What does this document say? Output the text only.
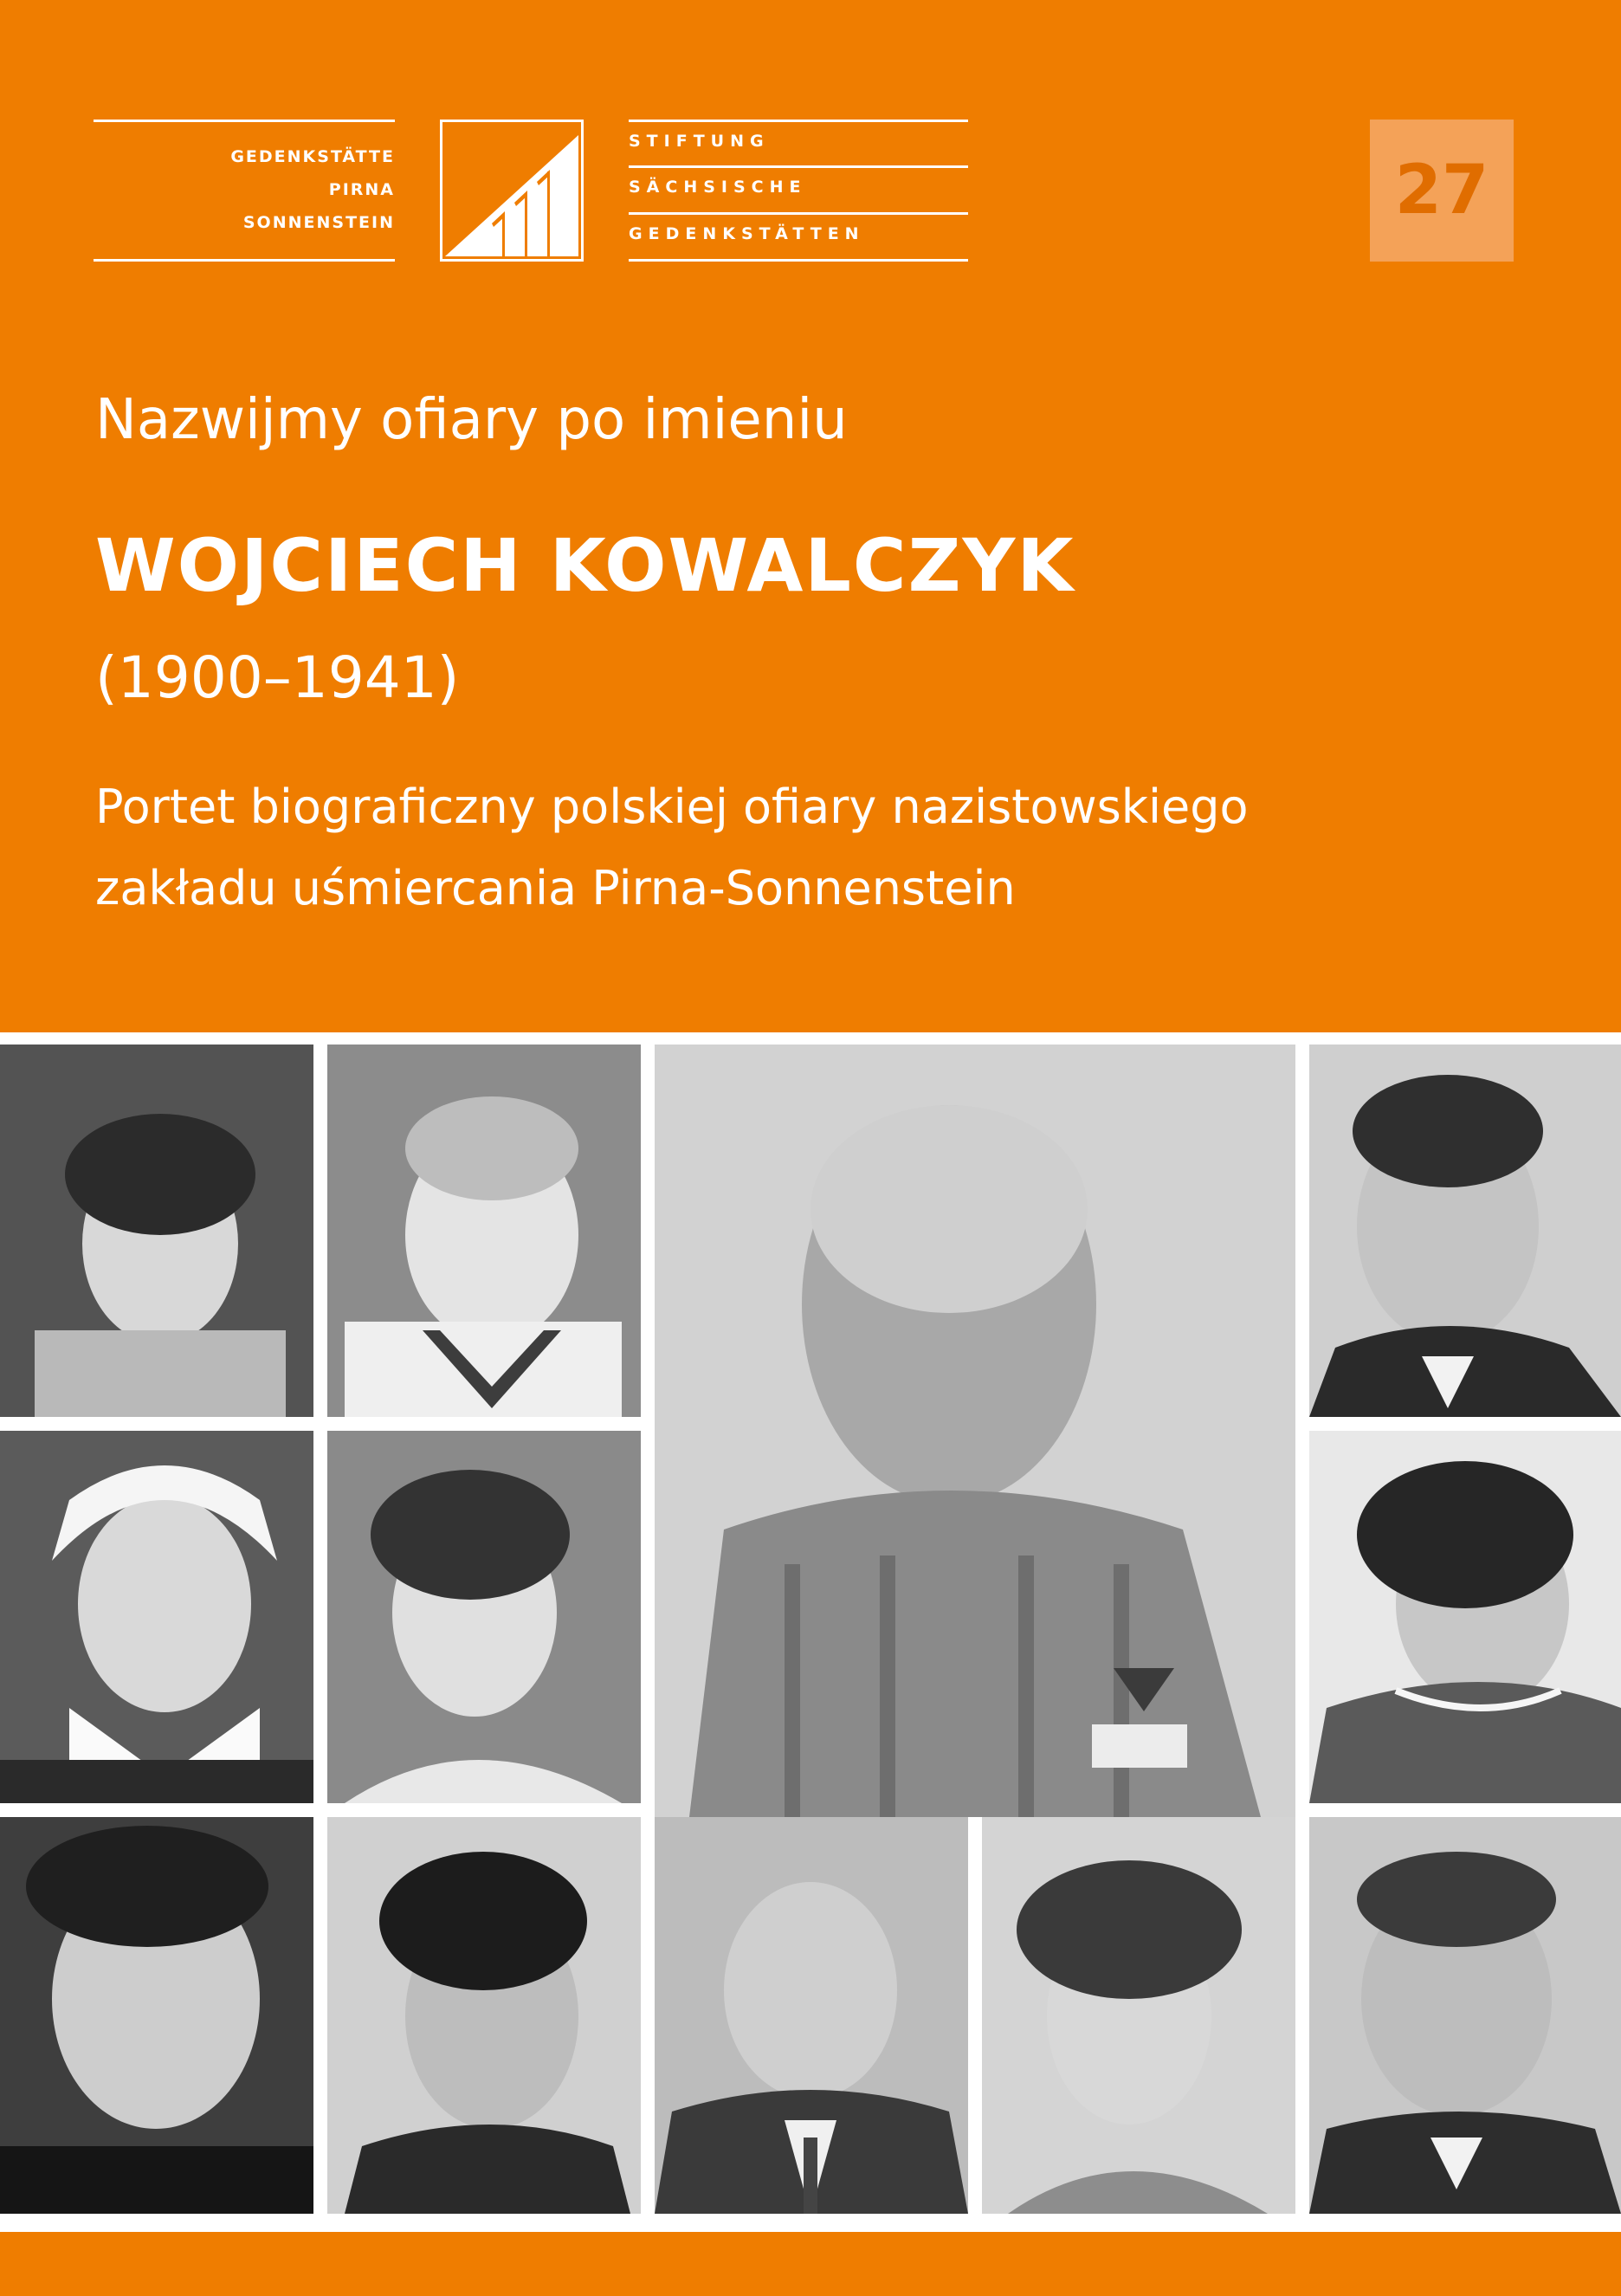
GEDENKSTÄTTE
PIRNA
SONNENSTEIN
STIFTUNG
SÄCHSISCHE
GEDENKSTÄTTEN
27
Nazwijmy ofiary po imieniu
WOJCIECH KOWALCZYK
(1900–1941)
Portet biograficzny polskiej ofiary nazistowskiego
zakładu uśmiercania Pirna-Sonnenstein
